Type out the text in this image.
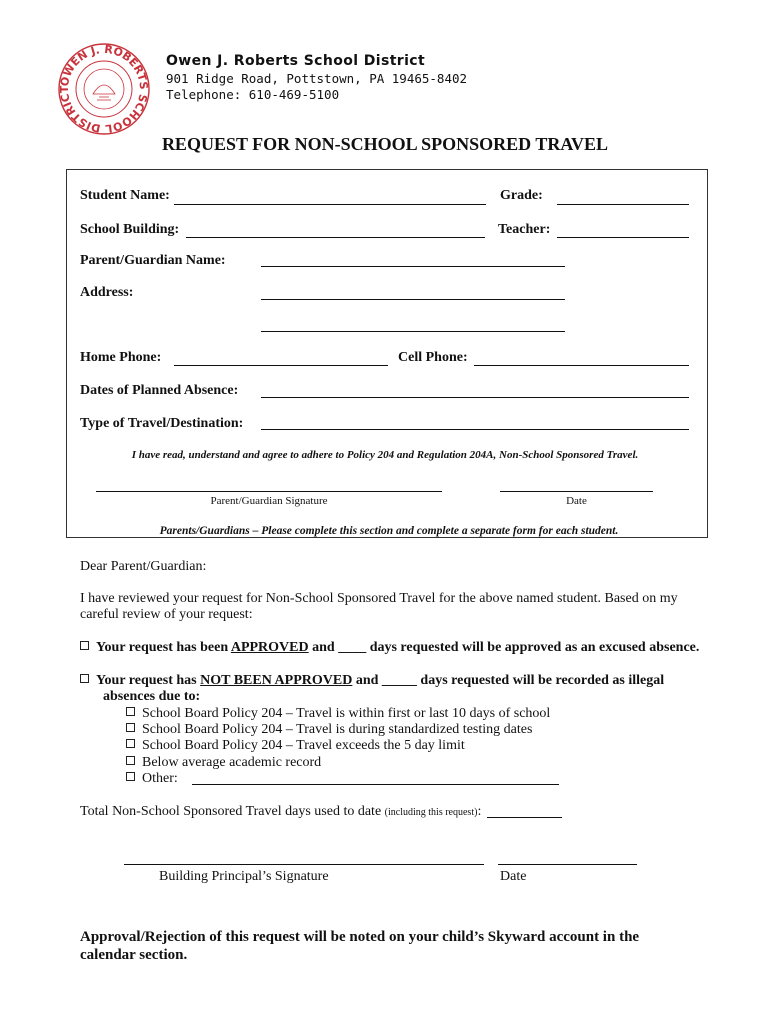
OWEN J. ROBERTS SCHOOL DISTRICT
Owen J. Roberts School District
901 Ridge Road, Pottstown, PA 19465-8402
Telephone: 610-469-5100
REQUEST FOR NON-SCHOOL SPONSORED TRAVEL
Student Name:	Grade:
School Building:	Teacher:
Parent/Guardian Name:
Address:
Home Phone:	Cell Phone:
Dates of Planned Absence:
Type of Travel/Destination:
I have read, understand and agree to adhere to Policy 204 and Regulation 204A, Non-School Sponsored Travel.
Parent/Guardian Signature	Date
Parents/Guardians – Please complete this section and complete a separate form for each student.
Dear Parent/Guardian:
I have reviewed your request for Non-School Sponsored Travel for the above named student. Based on my
careful review of your request:
Your request has been APPROVED and ____ days requested will be approved as an excused absence.
Your request has NOT BEEN APPROVED and _____ days requested will be recorded as illegal
absences due to:
School Board Policy 204 – Travel is within first or last 10 days of school
School Board Policy 204 – Travel is during standardized testing dates
School Board Policy 204 – Travel exceeds the 5 day limit
Below average academic record
Other:
Total Non-School Sponsored Travel days used to date (including this request):
Building Principal’s Signature	Date
Approval/Rejection of this request will be noted on your child’s Skyward account in the calendar section.
